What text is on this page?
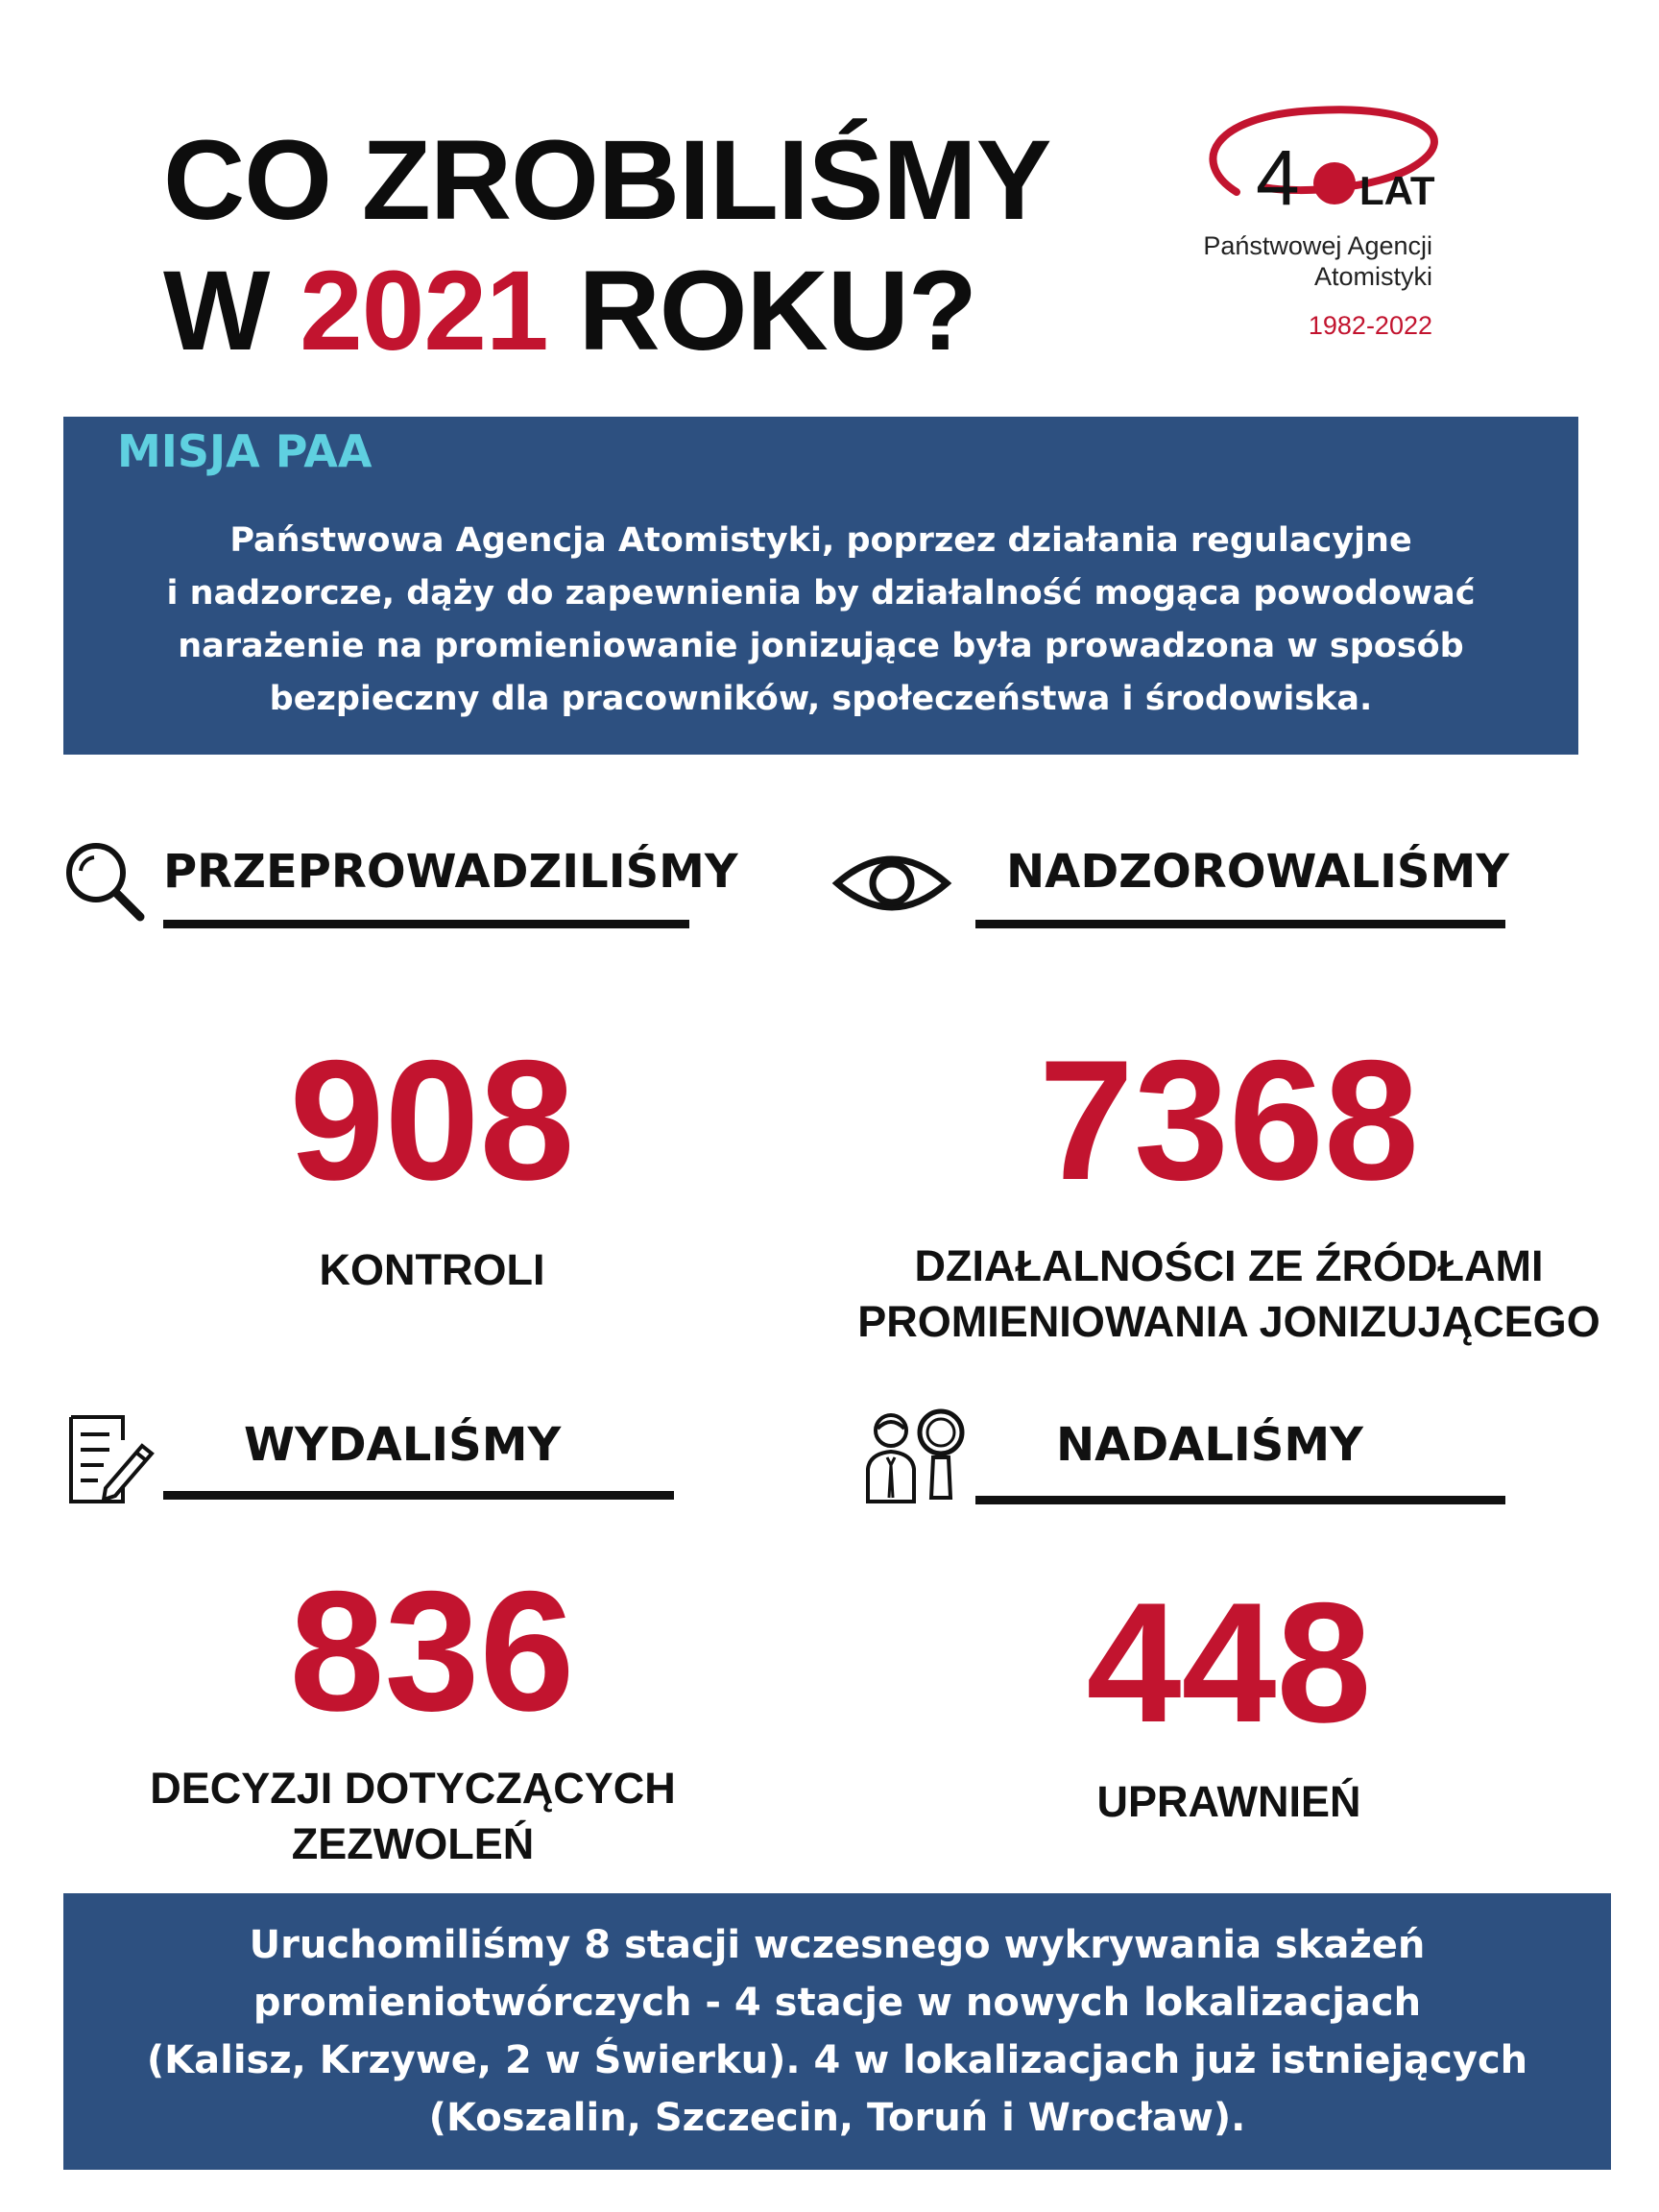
CO ZROBILIŚMY
W 2021 ROKU?
4 LAT
Państwowej Agencji
Atomistyki
1982-2022
MISJA PAA
Państwowa Agencja Atomistyki, poprzez działania regulacyjne
i nadzorcze, dąży do zapewnienia by działalność mogąca powodować
narażenie na promieniowanie jonizujące była prowadzona w sposób
bezpieczny dla pracowników, społeczeństwa i środowiska.
PRZEPROWADZILIŚMY
908
KONTROLI
NADZOROWALIŚMY
7368
DZIAŁALNOŚCI ZE ŹRÓDŁAMI
PROMIENIOWANIA JONIZUJĄCEGO
WYDALIŚMY
836
DECYZJI DOTYCZĄCYCH
ZEZWOLEŃ
NADALIŚMY
448
UPRAWNIEŃ
Uruchomiliśmy 8 stacji wczesnego wykrywania skażeń
promieniotwórczych - 4 stacje w nowych lokalizacjach
(Kalisz, Krzywe, 2 w Świerku). 4 w lokalizacjach już istniejących
(Koszalin, Szczecin, Toruń i Wrocław).
